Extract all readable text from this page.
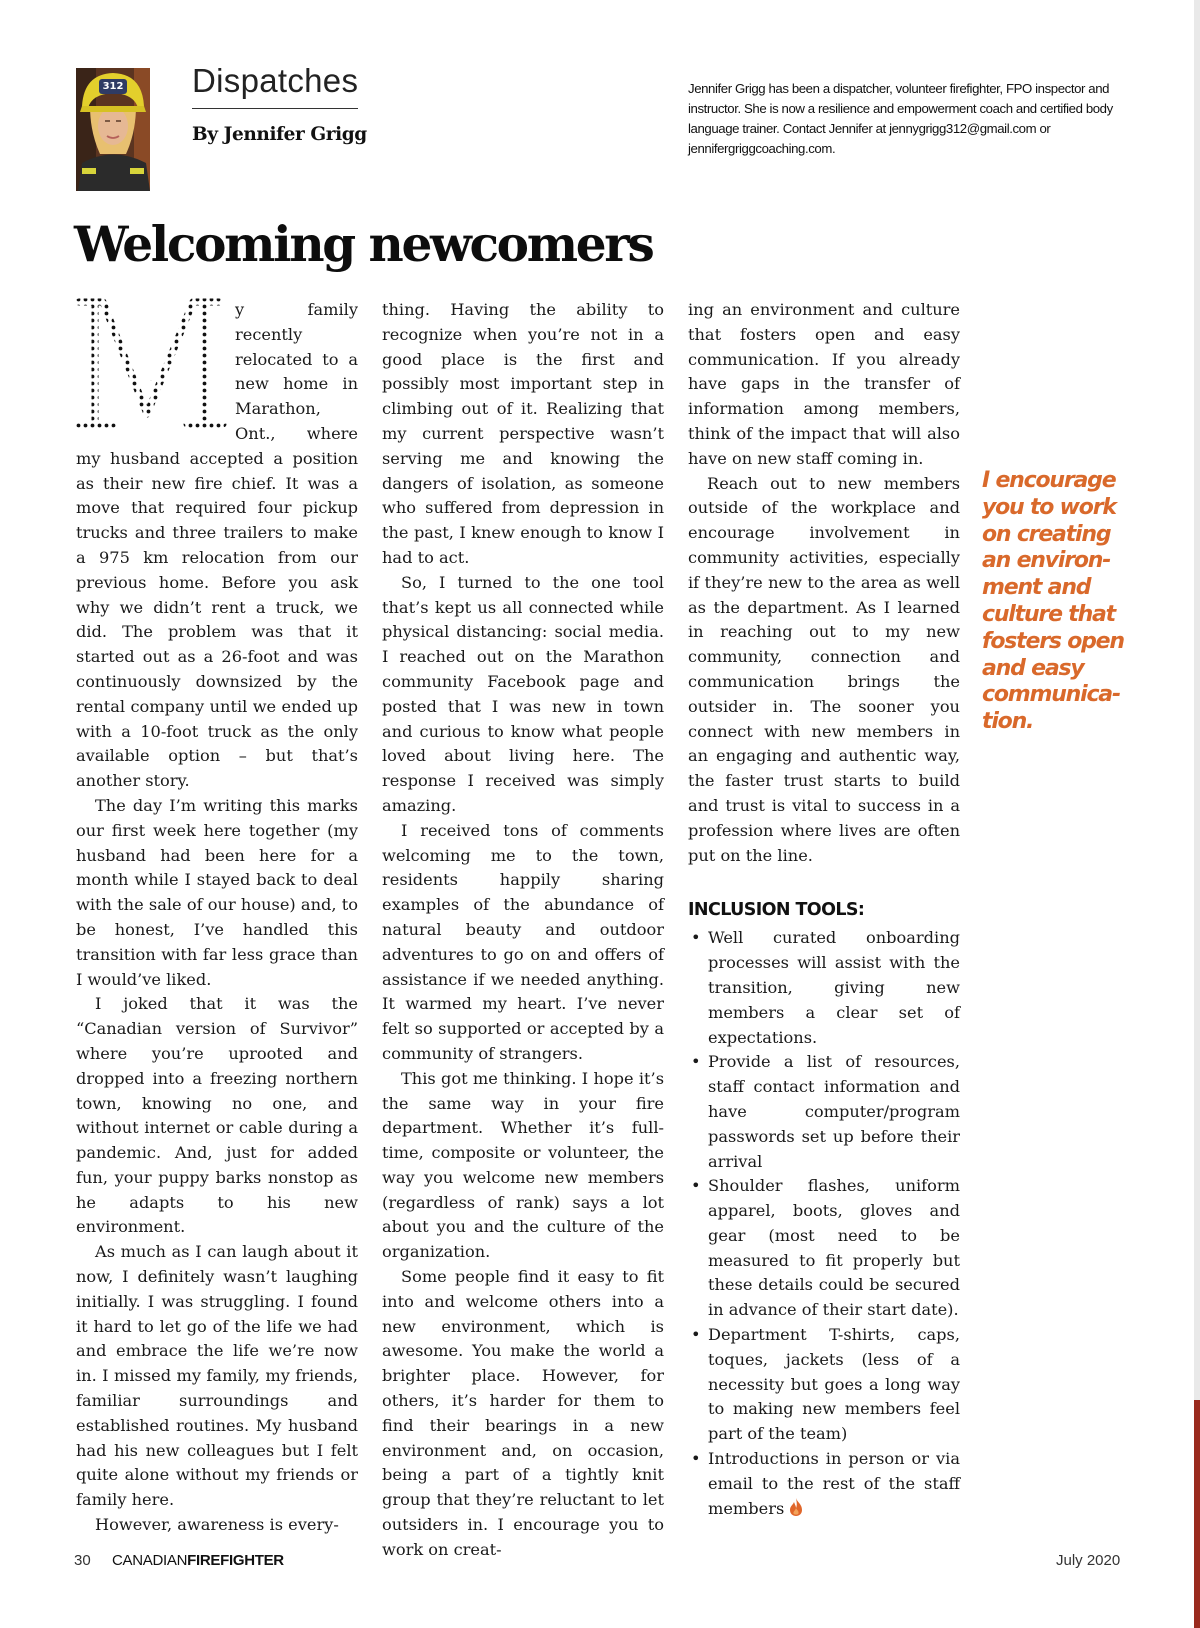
312 Dispatches
By Jennifer Grigg
Jennifer Grigg has been a dispatcher, volunteer firefighter, FPO inspector and instructor. She is now a resilience and empowerment coach and certified body language trainer. Contact Jennifer at jennygrigg312@gmail.com or jennifergriggcoaching.com.
Welcoming newcomers

M
y family recently relocated to a new home in Marathon, Ont., where my husband accepted a position as their new fire chief. It was a move that required four pickup trucks and three trailers to make a 975 km relocation from our previous home. Before you ask why we didn’t rent a truck, we did. The problem was that it started out as a 26-foot and was continuously downsized by the rental company until we ended up with a 10-foot truck as the only available option – but that’s another story.

The day I’m writing this marks our first week here together (my husband had been here for a month while I stayed back to deal with the sale of our house) and, to be honest, I’ve handled this transition with far less grace than I would’ve liked.

I joked that it was the “Canadian version of Survivor” where you’re uprooted and dropped into a freezing northern town, knowing no one, and without internet or cable during a pandemic. And, just for added fun, your puppy barks nonstop as he adapts to his new environment.

As much as I can laugh about it now, I definitely wasn’t laughing initially. I was struggling. I found it hard to let go of the life we had and embrace the life we’re now in. I missed my family, my friends, familiar surroundings and established routines. My husband had his new colleagues but I felt quite alone without my friends or family here.

However, awareness is every-

thing. Having the ability to recognize when you’re not in a good place is the first and possibly most important step in climbing out of it. Realizing that my current perspective wasn’t serving me and knowing the dangers of isolation, as someone who suffered from depression in the past, I knew enough to know I had to act.

So, I turned to the one tool that’s kept us all connected while physical distancing: social media. I reached out on the Marathon community Facebook page and posted that I was new in town and curious to know what people loved about living here. The response I received was simply amazing.

I received tons of comments welcoming me to the town, residents happily sharing examples of the abundance of natural beauty and outdoor adventures to go on and offers of assistance if we needed anything. It warmed my heart. I’ve never felt so supported or accepted by a community of strangers.

This got me thinking. I hope it’s the same way in your fire department. Whether it’s full-time, composite or volunteer, the way you welcome new members (regardless of rank) says a lot about you and the culture of the organization.

Some people find it easy to fit into and welcome others into a new environment, which is awesome. You make the world a brighter place. However, for others, it’s harder for them to find their bearings in a new environment and, on occasion, being a part of a tightly knit group that they’re reluctant to let outsiders in. I encourage you to work on creat-

ing an environment and culture that fosters open and easy communication. If you already have gaps in the transfer of information among members, think of the impact that will also have on new staff coming in.

Reach out to new members outside of the workplace and encourage involvement in community activities, especially if they’re new to the area as well as the department. As I learned in reaching out to my new community, connection and communication brings the outsider in. The sooner you connect with new members in an engaging and authentic way, the faster trust starts to build and trust is vital to success in a profession where lives are often put on the line.

INCLUSION TOOLS:
• Well curated onboarding processes will assist with the transition, giving new members a clear set of expectations.
• Provide a list of resources, staff contact information and have computer/program passwords set up before their arrival
• Shoulder flashes, uniform apparel, boots, gloves and gear (most need to be measured to fit properly but these details could be secured in advance of their start date).
• Department T-shirts, caps, toques, jackets (less of a necessity but goes a long way to making new members feel part of the team)
• Introductions in person or via email to the rest of the staff members
I encourage
you to work
on creating
an environ-
ment and
culture that
fosters open
and easy
communica-
tion.
30 CANADIANFIREFIGHTER	July 2020
